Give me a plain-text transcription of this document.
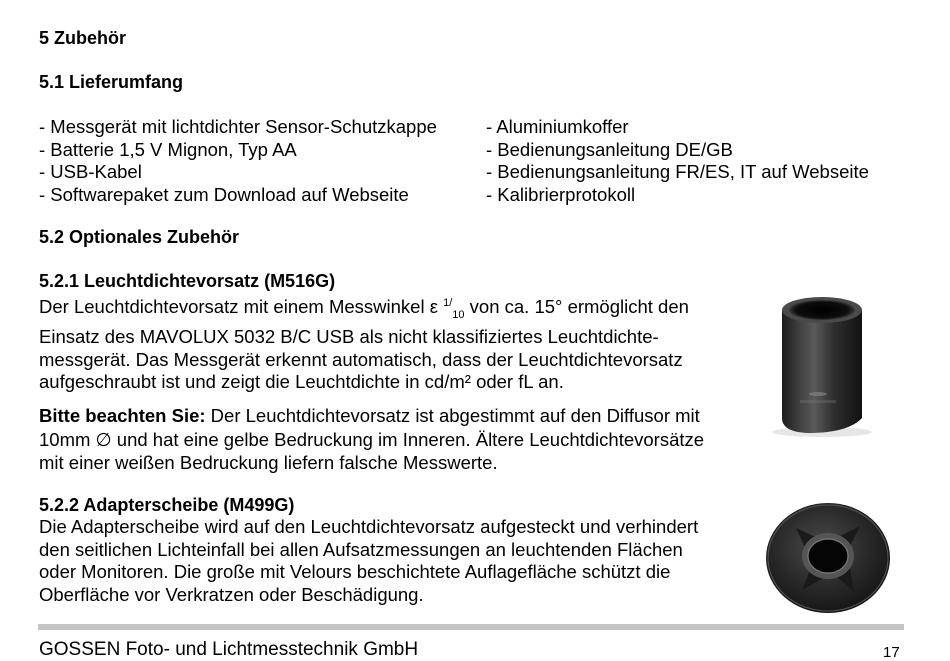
5 Zubehör
5.1 Lieferumfang
- Messgerät mit lichtdichter Sensor-Schutzkappe
- Batterie 1,5 V Mignon, Typ AA
- USB-Kabel
- Softwarepaket zum Download auf Webseite
- Aluminiumkoffer
- Bedienungsanleitung DE/GB
- Bedienungsanleitung FR/ES, IT auf Webseite
- Kalibrierprotokoll
5.2 Optionales Zubehör
5.2.1 Leuchtdichtevorsatz (M516G)
Der Leuchtdichtevorsatz mit einem Messwinkel ε $^{1/}_{10}$ von ca. 15° ermöglicht den
Einsatz des MAVOLUX 5032 B/C USB als nicht klassifiziertes Leuchtdichte-
messgerät. Das Messgerät erkennt automatisch, dass der Leuchtdichtevorsatz
aufgeschraubt ist und zeigt die Leuchtdichte in cd/m² oder fL an.
Bitte beachten Sie: Der Leuchtdichtevorsatz ist abgestimmt auf den Diffusor mit
10mm ∅ und hat eine gelbe Bedruckung im Inneren. Ältere Leuchtdichtevorsätze
mit einer weißen Bedruckung liefern falsche Messwerte.
5.2.2 Adapterscheibe (M499G)
Die Adapterscheibe wird auf den Leuchtdichtevorsatz aufgesteckt und verhindert
den seitlichen Lichteinfall bei allen Aufsatzmessungen an leuchtenden Flächen
oder Monitoren. Die große mit Velours beschichtete Auflagefläche schützt die
Oberfläche vor Verkratzen oder Beschädigung.
GOSSEN Foto- und Lichtmesstechnik GmbH	17
